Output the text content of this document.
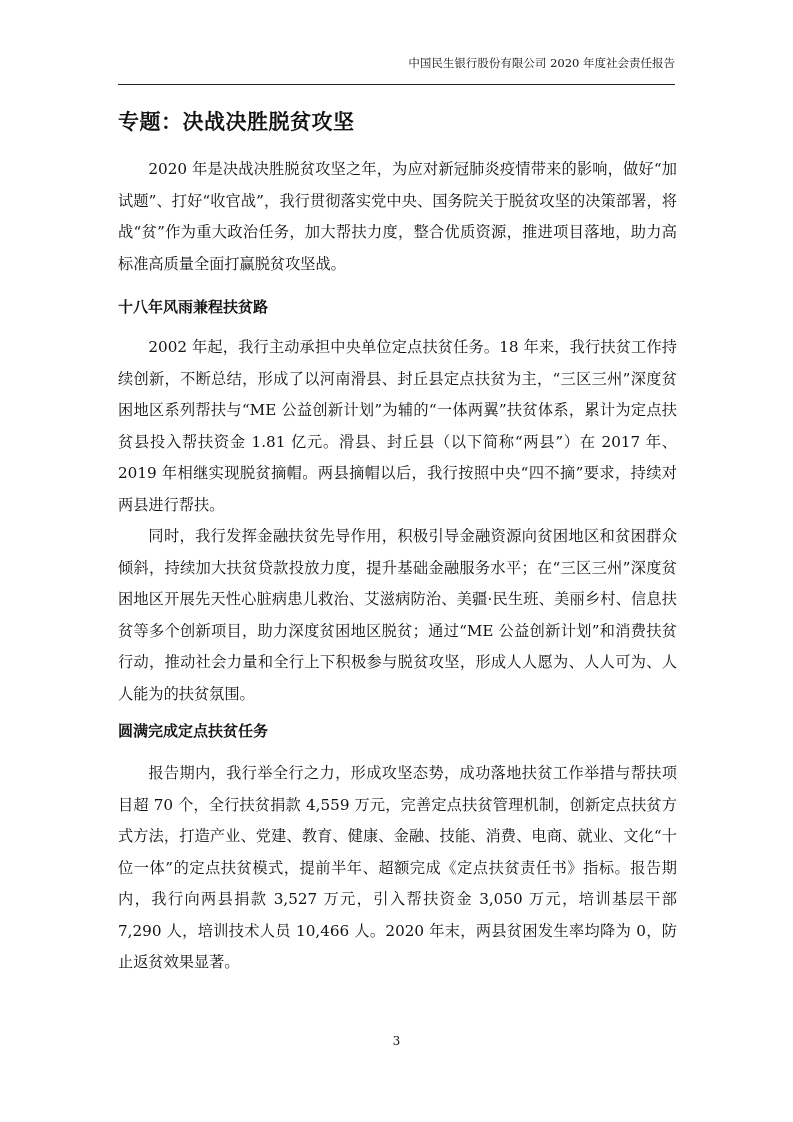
中国民生银行股份有限公司 2020 年度社会责任报告
专题：决战决胜脱贫攻坚

2020 年是决战决胜脱贫攻坚之年，为应对新冠肺炎疫情带来的影响，做好“加试题”、打好“收官战”，我行贯彻落实党中央、国务院关于脱贫攻坚的决策部署，将战“贫”作为重大政治任务，加大帮扶力度，整合优质资源，推进项目落地，助力高标准高质量全面打赢脱贫攻坚战。

十八年风雨兼程扶贫路

2002 年起，我行主动承担中央单位定点扶贫任务。18 年来，我行扶贫工作持续创新，不断总结，形成了以河南滑县、封丘县定点扶贫为主，“三区三州”深度贫困地区系列帮扶与“ME 公益创新计划”为辅的“一体两翼”扶贫体系，累计为定点扶贫县投入帮扶资金 1.81 亿元。滑县、封丘县（以下简称“两县”）在 2017 年、2019 年相继实现脱贫摘帽。两县摘帽以后，我行按照中央“四不摘”要求，持续对两县进行帮扶。

同时，我行发挥金融扶贫先导作用，积极引导金融资源向贫困地区和贫困群众倾斜，持续加大扶贫贷款投放力度，提升基础金融服务水平；在“三区三州”深度贫困地区开展先天性心脏病患儿救治、艾滋病防治、美疆·民生班、美丽乡村、信息扶贫等多个创新项目，助力深度贫困地区脱贫；通过“ME 公益创新计划”和消费扶贫行动，推动社会力量和全行上下积极参与脱贫攻坚，形成人人愿为、人人可为、人人能为的扶贫氛围。

圆满完成定点扶贫任务

报告期内，我行举全行之力，形成攻坚态势，成功落地扶贫工作举措与帮扶项目超 70 个，全行扶贫捐款 4,559 万元，完善定点扶贫管理机制，创新定点扶贫方式方法，打造产业、党建、教育、健康、金融、技能、消费、电商、就业、文化“十位一体”的定点扶贫模式，提前半年、超额完成《定点扶贫责任书》指标。报告期内，我行向两县捐款 3,527 万元，引入帮扶资金 3,050 万元，培训基层干部 7,290 人，培训技术人员 10,466 人。2020 年末，两县贫困发生率均降为 0，防止返贫效果显著。

3
